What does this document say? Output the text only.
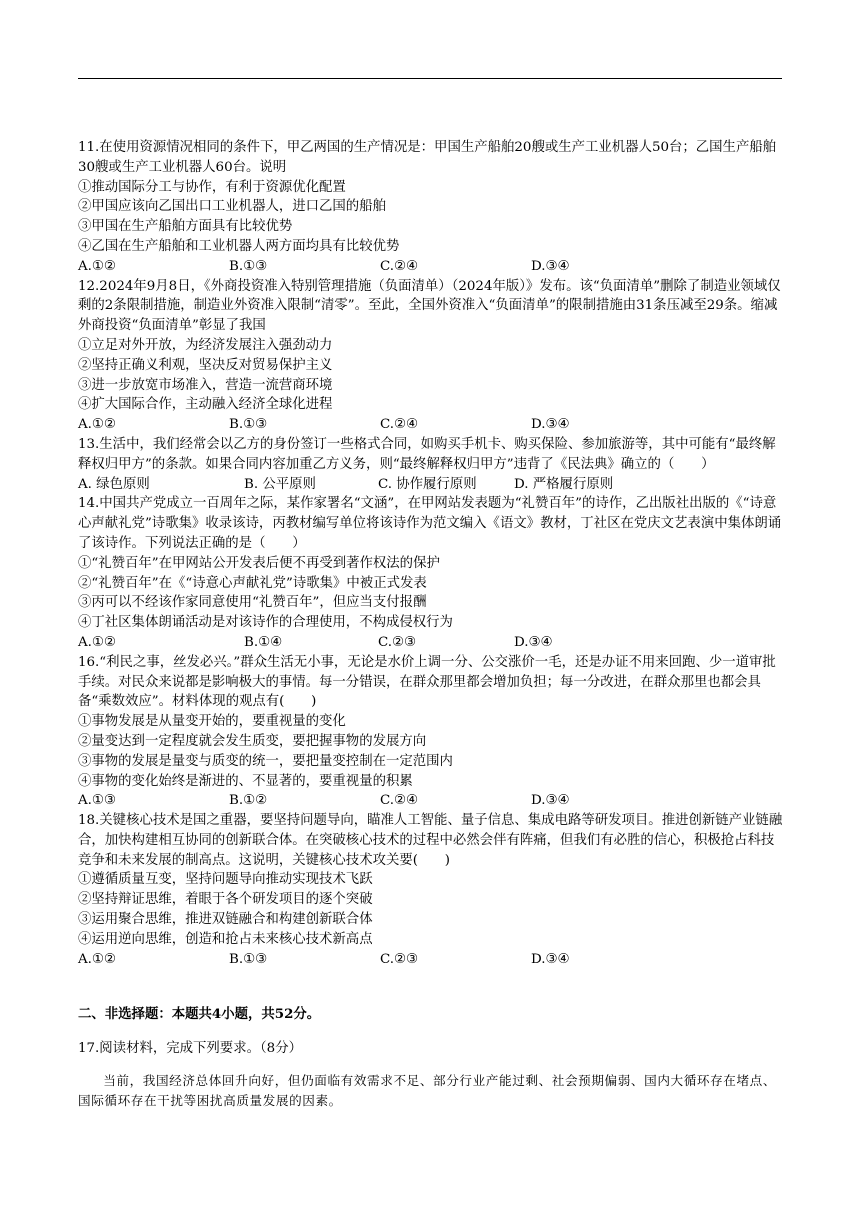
11.在使用资源情况相同的条件下，甲乙两国的生产情况是：甲国生产船舶20艘或生产工业机器人50台；乙国生产船舶30艘或生产工业机器人60台。说明

①推动国际分工与协作，有利于资源优化配置

②甲国应该向乙国出口工业机器人，进口乙国的船舶

③甲国在生产船舶方面具有比较优势

④乙国在生产船舶和工业机器人两方面均具有比较优势

A.①②	B.①③	C.②④	D.③④

12.2024年9月8日，《外商投资准入特别管理措施（负面清单）（2024年版）》发布。该“负面清单”删除了制造业领域仅剩的2条限制措施，制造业外资准入限制“清零”。至此，全国外资准入“负面清单”的限制措施由31条压减至29条。缩减外商投资“负面清单”彰显了我国

①立足对外开放，为经济发展注入强劲动力

②坚持正确义利观，坚决反对贸易保护主义

③进一步放宽市场准入，营造一流营商环境

④扩大国际合作，主动融入经济全球化进程

A.①②	B.①③	C.②④	D.③④

13.生活中，我们经常会以乙方的身份签订一些格式合同，如购买手机卡、购买保险、参加旅游等，其中可能有“最终解释权归甲方”的条款。如果合同内容加重乙方义务，则“最终解释权归甲方”违背了《民法典》确立的（　　）

A. 绿色原则	B. 公平原则	C. 协作履行原则	D. 严格履行原则

14.中国共产党成立一百周年之际，某作家署名“文涵”，在甲网站发表题为“礼赞百年”的诗作，乙出版社出版的《“诗意心声献礼党”诗歌集》收录该诗，丙教材编写单位将该诗作为范文编入《语文》教材，丁社区在党庆文艺表演中集体朗诵了该诗作。下列说法正确的是（　　）

①“礼赞百年”在甲网站公开发表后便不再受到著作权法的保护

②“礼赞百年”在《“诗意心声献礼党”诗歌集》中被正式发表

③丙可以不经该作家同意使用“礼赞百年”，但应当支付报酬

④丁社区集体朗诵活动是对该诗作的合理使用，不构成侵权行为

A.①②	B.①④	C.②③	D.③④

16.“利民之事，丝发必兴。”群众生活无小事，无论是水价上调一分、公交涨价一毛，还是办证不用来回跑、少一道审批手续。对民众来说都是影响极大的事情。每一分错误，在群众那里都会增加负担；每一分改进，在群众那里也都会具备“乘数效应”。材料体现的观点有(　　)

①事物发展是从量变开始的，要重视量的变化

②量变达到一定程度就会发生质变，要把握事物的发展方向

③事物的发展是量变与质变的统一，要把量变控制在一定范围内

④事物的变化始终是渐进的、不显著的，要重视量的积累

A.①③	B.①②	C.②④	D.③④

18.关键核心技术是国之重器，要坚持问题导向，瞄准人工智能、量子信息、集成电路等研发项目。推进创新链产业链融合，加快构建相互协同的创新联合体。在突破核心技术的过程中必然会伴有阵痛，但我们有必胜的信心，积极抢占科技竞争和未来发展的制高点。这说明，关键核心技术攻关要(　　)

①遵循质量互变，坚持问题导向推动实现技术飞跃

②坚持辩证思维，着眼于各个研发项目的逐个突破

③运用聚合思维，推进双链融合和构建创新联合体

④运用逆向思维，创造和抢占未来核心技术新高点

A.①②	B.①③	C.②③	D.③④

二、非选择题：本题共4小题，共52分。

17.阅读材料，完成下列要求。（8分）

当前，我国经济总体回升向好，但仍面临有效需求不足、部分行业产能过剩、社会预期偏弱、国内大循环存在堵点、国际循环存在干扰等困扰高质量发展的因素。
